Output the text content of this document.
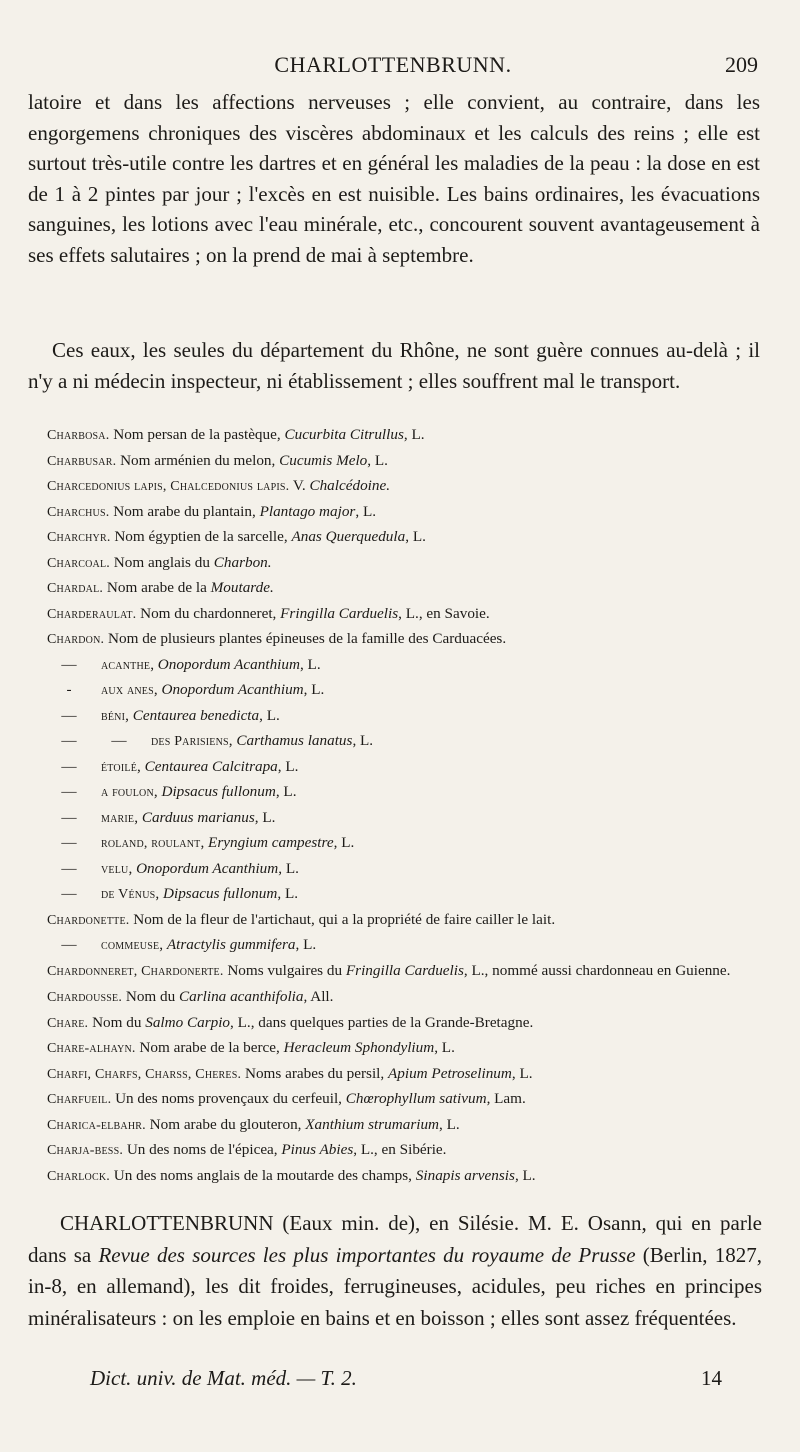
CHARLOTTENBRUNN.	209
latoire et dans les affections nerveuses ; elle convient, au contraire, dans les engorgemens chroniques des viscères abdominaux et les calculs des reins ; elle est surtout très-utile contre les dartres et en général les maladies de la peau : la dose en est de 1 à 2 pintes par jour ; l'excès en est nuisible. Les bains ordinaires, les évacuations sanguines, les lotions avec l'eau minérale, etc., concourent souvent avantageusement à ses effets salutaires ; on la prend de mai à septembre.
Ces eaux, les seules du département du Rhône, ne sont guère connues au-delà ; il n'y a ni médecin inspecteur, ni établissement ; elles souffrent mal le transport.
Charbosa. Nom persan de la pastèque, Cucurbita Citrullus, L.
Charbusar. Nom arménien du melon, Cucumis Melo, L.
Charcedonius lapis, Chalcedonius lapis. V. Chalcédoine.
Charchus. Nom arabe du plantain, Plantago major, L.
Charchyr. Nom égyptien de la sarcelle, Anas Querquedula, L.
Charcoal. Nom anglais du Charbon.
Chardal. Nom arabe de la Moutarde.
Charderaulat. Nom du chardonneret, Fringilla Carduelis, L., en Savoie.
Chardon. Nom de plusieurs plantes épineuses de la famille des Carduacées.
— acanthe, Onopordum Acanthium, L.
- aux anes, Onopordum Acanthium, L.
— béni, Centaurea benedicta, L.
— — des Parisiens, Carthamus lanatus, L.
— étoilé, Centaurea Calcitrapa, L.
— a foulon, Dipsacus fullonum, L.
— marie, Carduus marianus, L.
— roland, roulant, Eryngium campestre, L.
— velu, Onopordum Acanthium, L.
— de Vénus, Dipsacus fullonum, L.
Chardonette. Nom de la fleur de l'artichaut, qui a la propriété de faire cailler le lait.
— commeuse, Atractylis gummifera, L.
Chardonneret, Chardonerte. Noms vulgaires du Fringilla Carduelis, L., nommé aussi chardonneau en Guienne.
Chardousse. Nom du Carlina acanthifolia, All.
Chare. Nom du Salmo Carpio, L., dans quelques parties de la Grande-Bretagne.
Chare-alhayn. Nom arabe de la berce, Heracleum Sphondylium, L.
Charfi, Charfs, Charss, Cheres. Noms arabes du persil, Apium Petroselinum, L.
Charfueil. Un des noms provençaux du cerfeuil, Chœrophyllum sativum, Lam.
Charica-elbahr. Nom arabe du glouteron, Xanthium strumarium, L.
Charja-bess. Un des noms de l'épicea, Pinus Abies, L., en Sibérie.
Charlock. Un des noms anglais de la moutarde des champs, Sinapis arvensis, L.
CHARLOTTENBRUNN (Eaux min. de), en Silésie. M. E. Osann, qui en parle dans sa Revue des sources les plus importantes du royaume de Prusse (Berlin, 1827, in-8, en allemand), les dit froides, ferrugineuses, acidules, peu riches en principes minéralisateurs : on les emploie en bains et en boisson ; elles sont assez fréquentées.
Dict. univ. de Mat. méd. — T. 2.	14
